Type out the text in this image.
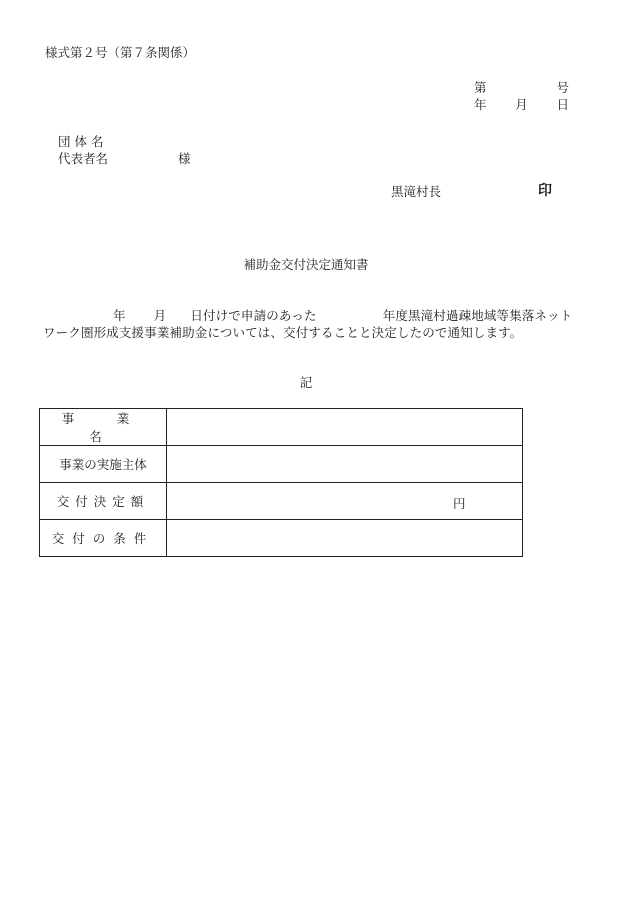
様式第２号（第７条関係）
第	号
年 月 日
団 体 名
代表者名	様
黒滝村長	印
補助金交付決定通知書
年 月 日付けで申請のあった	年度黒滝村過疎地域等集落ネットワーク圏形成支援事業補助金については、交付することと決定したので通知します。
記
事　業　名	
事業の実施主体	
交付決定額	円

交付の条件	
